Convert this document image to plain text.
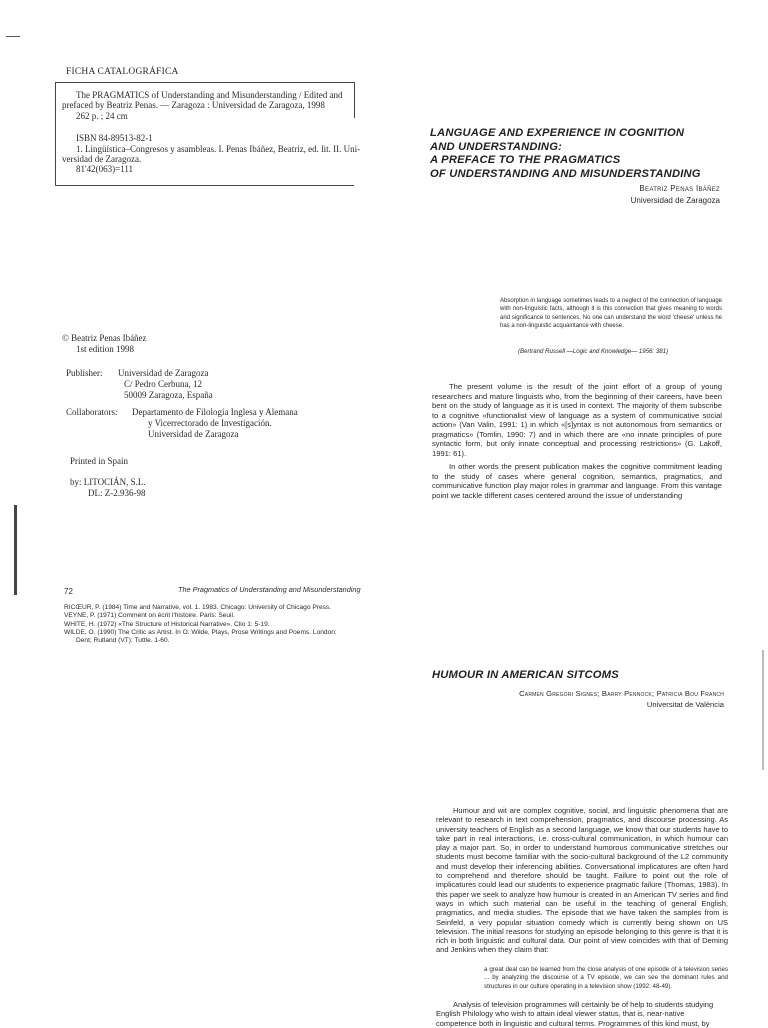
FICHA CATALOGRÁFICA
The PRAGMATICS of Understanding and Misunderstanding / Edited and
prefaced by Beatriz Penas. — Zaragoza : Universidad de Zaragoza, 1998
262 p. ; 24 cm
ISBN 84-89513-82-1
1. Lingüística–Congresos y asambleas. I. Penas Ibáñez, Beatriz, ed. lit. II. Uni-
versidad de Zaragoza.
81'42(063)=111
© Beatriz Penas Ibáñez
1st edition 1998
Publisher:	Universidad de Zaragoza
C/ Pedro Cerbuna, 12
50009 Zaragoza, España
Collaborators:	Departamento de Filología Inglesa y Alemana
y Vicerrectorado de Investigación.
Universidad de Zaragoza
Printed in Spain
by: LITOCIÁN, S.L.
DL: Z-2.936-98
LANGUAGE AND EXPERIENCE IN COGNITION
AND UNDERSTANDING:
A PREFACE TO THE PRAGMATICS
OF UNDERSTANDING AND MISUNDERSTANDING
Beatriz Penas Ibáñez
Universidad de Zaragoza
Absorption in language sometimes leads to a neglect of the connection of language with non-linguistic facts, although it is this connection that gives meaning to words and significance to sentences. No one can understand the word 'cheese' unless he has a non-linguistic acquaintance with cheese.
(Bertrand Russell —Logic and Knowledge— 1956: 381)
The present volume is the result of the joint effort of a group of young researchers and mature linguists who, from the beginning of their careers, have been bent on the study of language as it is used in context. The majority of them subscribe to a cognitive «functionalist view of language as a system of communicative social action» (Van Valin, 1991: 1) in which «[s]yntax is not autonomous from semantics or pragmatics» (Tomlin, 1990: 7) and in which there are «no innate principles of pure syntactic form, but only innate conceptual and processing restrictions» (G. Lakoff, 1991: 61).
In other words the present publication makes the cognitive commitment leading to the study of cases where general cognition, semantics, pragmatics, and communicative function play major roles in grammar and language. From this vantage point we tackle different cases centered around the issue of understanding
72	The Pragmatics of Understanding and Misunderstanding
RICŒUR, P. (1984) Time and Narrative, vol. 1. 1983. Chicago: University of Chicago Press.
VEYNE, P. (1971) Comment on écrit l'histoire. Paris: Seuil.
WHITE, H. (1972) «The Structure of Historical Narrative». Clio 1: 5-19.
WILDE, O. (1990) The Critic as Artist. In O. Wilde, Plays, Prose Writings and Poems. London:
Dent; Rutland (VT): Tuttle. 1-60.
HUMOUR IN AMERICAN SITCOMS
Carmen Gregori Signes; Barry Pennock; Patricia Bou Franch
Universitat de València
Humour and wit are complex cognitive, social, and linguistic phenomena that are relevant to research in text comprehension, pragmatics, and discourse processing. As university teachers of English as a second language, we know that our students have to take part in real interactions, i.e. cross-cultural communication, in which humour can play a major part. So, in order to understand humorous communicative stretches our students must become familiar with the socio-cultural background of the L2 community and must develop their inferencing abilities. Conversational implicatures are often hard to comprehend and therefore should be taught. Failure to point out the role of implicatures could lead our students to experience pragmatic failure (Thomas, 1983). In this paper we seek to analyze how humour is created in an American TV series and find ways in which such material can be useful in the teaching of general English, pragmatics, and media studies. The episode that we have taken the samples from is Seinfeld, a very popular situation comedy which is currently being shown on US television. The initial reasons for studying an episode belonging to this genre is that it is rich in both linguistic and cultural data. Our point of view coincides with that of Deming and Jenkins when they claim that:
a great deal can be learned from the close analysis of one episode of a television series ... by analyzing the discourse of a TV episode, we can see the dominant rules and structures in our culture operating in a television show (1992: 48-49).
Analysis of television programmes will certainly be of help to students studying
English Philology who wish to attain ideal viewer status, that is, near-native
competence both in linguistic and cultural terms. Programmes of this kind must, by
